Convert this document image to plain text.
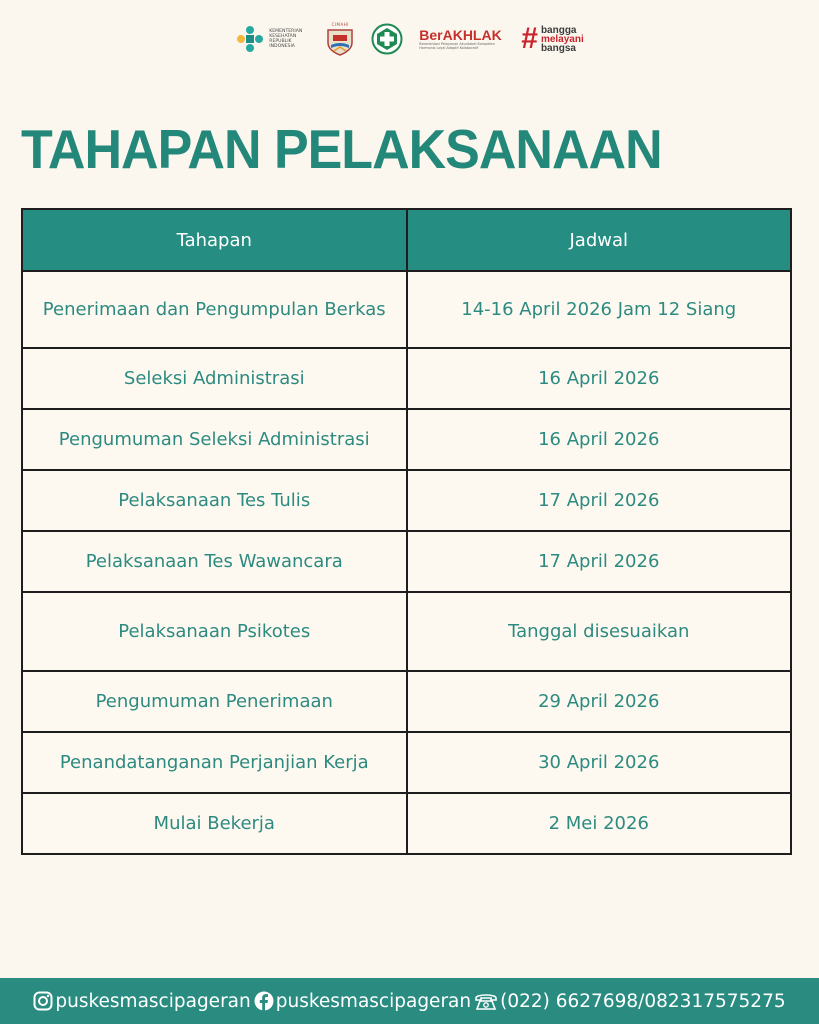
KEMENTERIAN
KESEHATAN
REPUBLIK
INDONESIA
CIMAHI
BerAKHLAK
Berorientasi Pelayanan Akuntabel Kompeten Harmonis Loyal Adaptif Kolaboratif	# bangga
melayani
bangsa
TAHAPAN PELAKSANAAN
Tahapan	Jadwal
Penerimaan dan Pengumpulan Berkas	14-16 April 2026 Jam 12 Siang
Seleksi Administrasi	16 April 2026
Pengumuman Seleksi Administrasi	16 April 2026
Pelaksanaan Tes Tulis	17 April 2026
Pelaksanaan Tes Wawancara	17 April 2026
Pelaksanaan Psikotes	Tanggal disesuaikan
Pengumuman Penerimaan	29 April 2026
Penandatanganan Perjanjian Kerja	30 April 2026
Mulai Bekerja	2 Mei 2026
puskesmascipageran puskesmascipageran (022) 6627698/082317575275
